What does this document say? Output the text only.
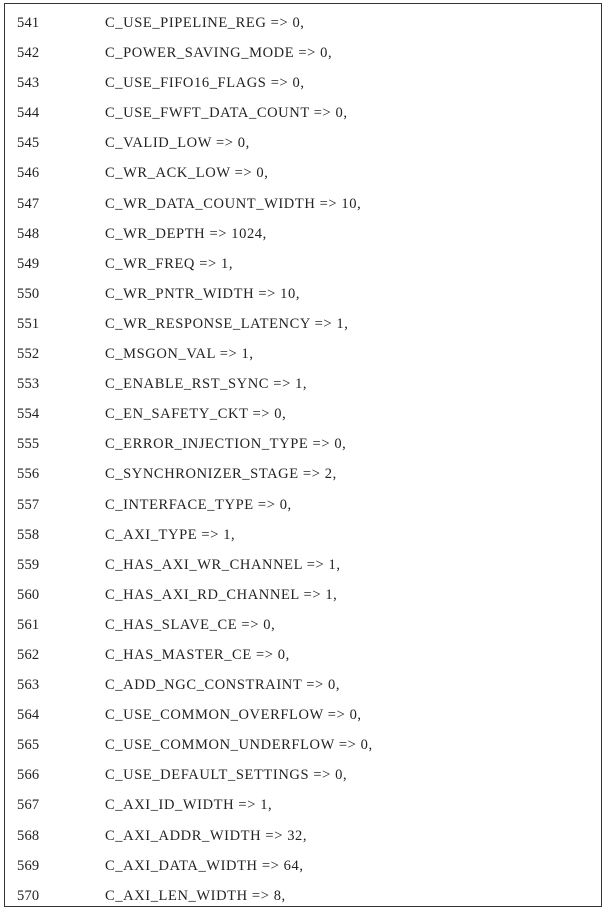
541	C_USE_PIPELINE_REG => 0,
542	C_POWER_SAVING_MODE => 0,
543	C_USE_FIFO16_FLAGS => 0,
544	C_USE_FWFT_DATA_COUNT => 0,
545	C_VALID_LOW => 0,
546	C_WR_ACK_LOW => 0,
547	C_WR_DATA_COUNT_WIDTH => 10,
548	C_WR_DEPTH => 1024,
549	C_WR_FREQ => 1,
550	C_WR_PNTR_WIDTH => 10,
551	C_WR_RESPONSE_LATENCY => 1,
552	C_MSGON_VAL => 1,
553	C_ENABLE_RST_SYNC => 1,
554	C_EN_SAFETY_CKT => 0,
555	C_ERROR_INJECTION_TYPE => 0,
556	C_SYNCHRONIZER_STAGE => 2,
557	C_INTERFACE_TYPE => 0,
558	C_AXI_TYPE => 1,
559	C_HAS_AXI_WR_CHANNEL => 1,
560	C_HAS_AXI_RD_CHANNEL => 1,
561	C_HAS_SLAVE_CE => 0,
562	C_HAS_MASTER_CE => 0,
563	C_ADD_NGC_CONSTRAINT => 0,
564	C_USE_COMMON_OVERFLOW => 0,
565	C_USE_COMMON_UNDERFLOW => 0,
566	C_USE_DEFAULT_SETTINGS => 0,
567	C_AXI_ID_WIDTH => 1,
568	C_AXI_ADDR_WIDTH => 32,
569	C_AXI_DATA_WIDTH => 64,
570	C_AXI_LEN_WIDTH => 8,
